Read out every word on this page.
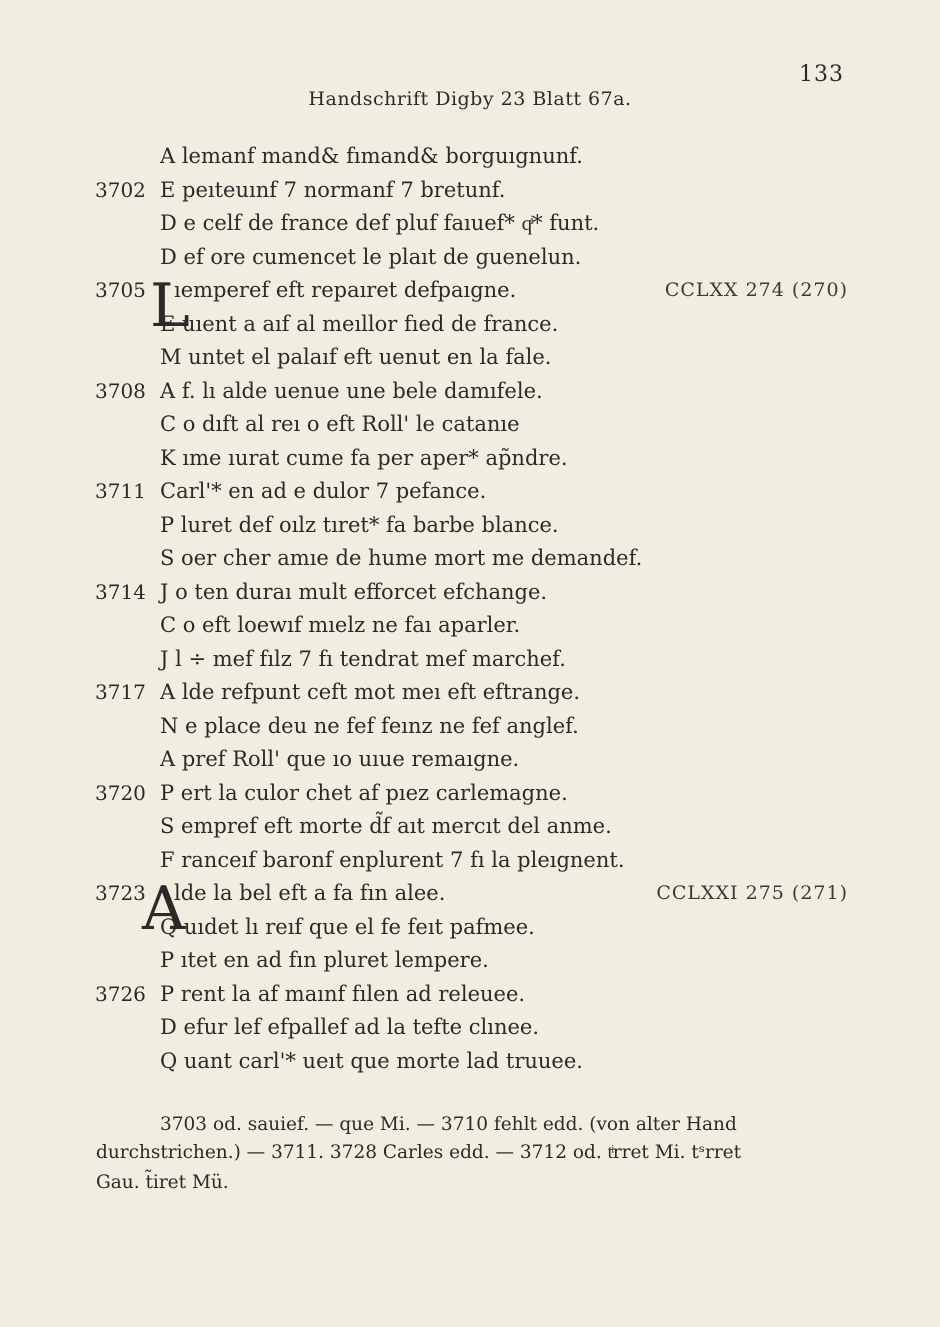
133
Handschrift Digby 23 Blatt 67a.
A lemanf mand& fımand& borguıgnunf.
3702 E peıteuınf 7 normanf 7 bretunf.
D e celf de france def pluf faıuef* qͥ* funt.
D ef ore cumencet le plaıt de guenelun.
3705 L
ıemperef eft repaıret defpaıgne.	CCLXX 274 (270)
E uıent a aıf al meıllor fıed de france.
M untet el palaıf eft uenut en la fale.
3708 A f. lı alde uenue une bele damıfele.
C o dıft al reı o eft Roll' le catanıe
K ıme ıurat cume fa per aper* ap̃ndre.
3711 Carl'* en ad e dulor 7 pefance.
P luret def oılz tıret* fa barbe blance.
S oer cher amıe de hume mort me demandef.
3714 J o ten duraı mult efforcet efchange.
C o eft loewıf mıelz ne faı aparler.
J l ÷ mef fılz 7 fı tendrat mef marchef.
3717 A lde refpunt ceft mot meı eft eftrange.
N e place deu ne fef feınz ne fef anglef.
A pref Roll' que ıo uıue remaıgne.
3720 P ert la culor chet af pıez carlemagne.
S empref eft morte d̃f aıt mercıt del anme.
F ranceıf baronf enplurent 7 fı la pleıgnent.
3723
A
lde la bel eft a fa fın alee.	CCLXXI 275 (271)
Q uıdet lı reıf que el fe feıt pafmee.
P ıtet en ad fın pluret lempere.
3726 P rent la af maınf fılen ad releuee.
D efur lef efpallef ad la tefte clınee.
Q uant carl'* ueıt que morte lad truuee.
3703 od. sauief. — que Mi. — 3710 fehlt edd. (von alter Hand
durchstrichen.) — 3711. 3728 Carles edd. — 3712 od. tͥrret Mi. tˢrret
Gau. t̃iret Mü.
